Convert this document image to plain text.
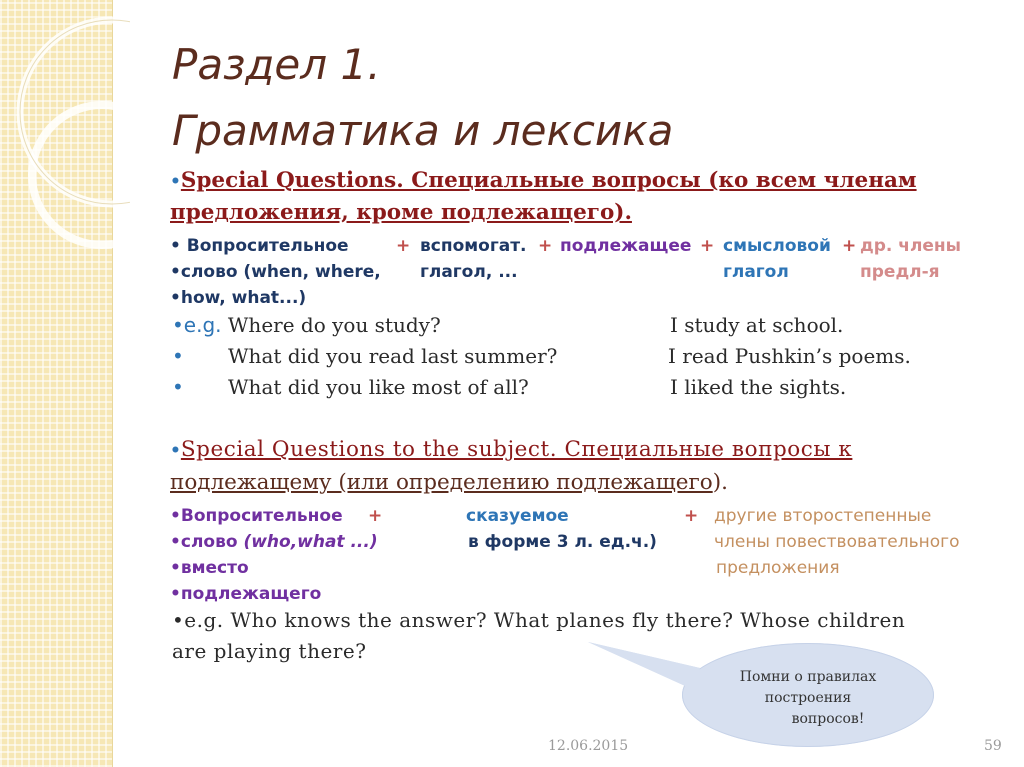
Раздел 1.
Грамматика и лексика
•Special Questions. Специальные вопросы (ко всем членам
предложения, кроме подлежащего).
• Вопросительное	+ вспомогат. + подлежащее + смысловой + др. члены
•слово (when, where, глагол, ...	глагол	предл-я
•how, what...)
•e.g. Where do you study?	I study at school.
• What did you read last summer?	I read Pushkin’s poems.
• What did you like most of all?	I liked the sights.
•Special Questions to the subject. Специальные вопросы к
подлежащему (или определению подлежащего).
•Вопросительное +	сказуемое	+ другие второстепенные
•слово (who,what ...)	в форме 3 л. ед.ч.)	члены повествовательного
•вместо	предложения
•подлежащего
•e.g. Who knows the answer? What planes fly there? Whose children
are playing there?
Помни о правилах
построения
вопросов!
12.06.2015	59
